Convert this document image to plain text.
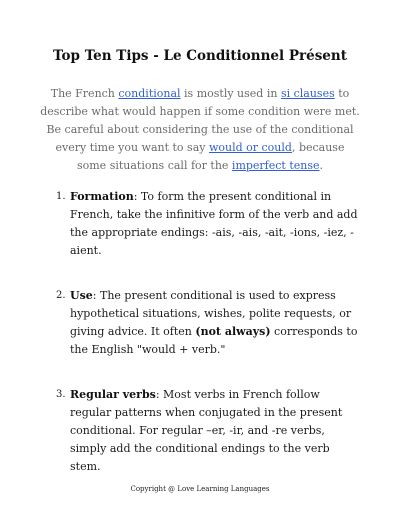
Top Ten Tips - Le Conditionnel Présent

The French conditional is mostly used in si clauses to describe what would happen if some condition were met. Be careful about considering the use of the conditional every time you want to say would or could, because some situations call for the imperfect tense.

1. Formation: To form the present conditional in French, take the infinitive form of the verb and add the appropriate endings: -ais, -ais, -ait, -ions, -iez, -aient.
2. Use: The present conditional is used to express hypothetical situations, wishes, polite requests, or giving advice. It often (not always) corresponds to the English "would + verb."
3. Regular verbs: Most verbs in French follow regular patterns when conjugated in the present conditional. For regular –er, -ir, and -re verbs, simply add the conditional endings to the verb stem.
Copyright @ Love Learning Languages
